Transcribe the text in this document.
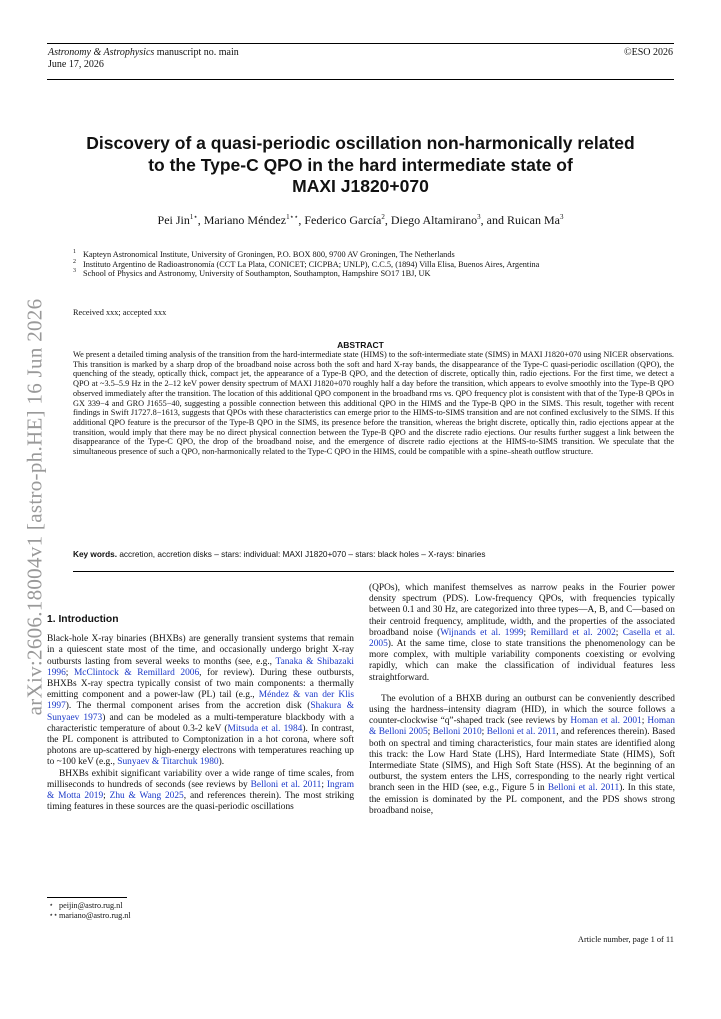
Astronomy & Astrophysics manuscript no. main
June 17, 2026
©ESO 2026
arXiv:2606.18004v1 [astro-ph.HE] 16 Jun 2026
Discovery of a quasi-periodic oscillation non-harmonically related
to the Type-C QPO in the hard intermediate state of
MAXI J1820+070
Pei Jin$^{1⋆}$, Mariano Méndez$^{1⋆⋆}$, Federico García$^2$, Diego Altamirano$^3$, and Ruican Ma$^3$
1 Kapteyn Astronomical Institute, University of Groningen, P.O. BOX 800, 9700 AV Groningen, The Netherlands
2 Instituto Argentino de Radioastronomía (CCT La Plata, CONICET; CICPBA; UNLP), C.C.5, (1894) Villa Elisa, Buenos Aires, Argentina
3 School of Physics and Astronomy, University of Southampton, Southampton, Hampshire SO17 1BJ, UK
Received xxx; accepted xxx
ABSTRACT
We present a detailed timing analysis of the transition from the hard-intermediate state (HIMS) to the soft-intermediate state (SIMS) in MAXI J1820+070 using NICER observations. This transition is marked by a sharp drop of the broadband noise across both the soft and hard X-ray bands, the disappearance of the Type-C quasi-periodic oscillation (QPO), the quenching of the steady, optically thick, compact jet, the appearance of a Type-B QPO, and the detection of discrete, optically thin, radio ejections. For the first time, we detect a QPO at ~3.5–5.9 Hz in the 2–12 keV power density spectrum of MAXI J1820+070 roughly half a day before the transition, which appears to evolve smoothly into the Type-B QPO observed immediately after the transition. The location of this additional QPO component in the broadband rms vs. QPO frequency plot is consistent with that of the Type-B QPOs in GX 339−4 and GRO J1655−40, suggesting a possible connection between this additional QPO in the HIMS and the Type-B QPO in the SIMS. This result, together with recent findings in Swift J1727.8−1613, suggests that QPOs with these characteristics can emerge prior to the HIMS-to-SIMS transition and are not confined exclusively to the SIMS. If this additional QPO feature is the precursor of the Type-B QPO in the SIMS, its presence before the transition, whereas the bright discrete, optically thin, radio ejections appear at the transition, would imply that there may be no direct physical connection between the Type-B QPO and the discrete radio ejections. Our results further suggest a link between the disappearance of the Type-C QPO, the drop of the broadband noise, and the emergence of discrete radio ejections at the HIMS-to-SIMS transition. We speculate that the simultaneous presence of such a QPO, non-harmonically related to the Type-C QPO in the HIMS, could be compatible with a spine–sheath outflow structure.
Key words. accretion, accretion disks – stars: individual: MAXI J1820+070 – stars: black holes – X-rays: binaries

1. Introduction

Black-hole X-ray binaries (BHXBs) are generally transient systems that remain in a quiescent state most of the time, and occasionally undergo bright X-ray outbursts lasting from several weeks to months (see, e.g., Tanaka & Shibazaki 1996; McClintock & Remillard 2006, for review). During these outbursts, BHXBs X-ray spectra typically consist of two main components: a thermally emitting component and a power-law (PL) tail (e.g., Méndez & van der Klis 1997). The thermal component arises from the accretion disk (Shakura & Sunyaev 1973) and can be modeled as a multi-temperature blackbody with a characteristic temperature of about 0.3-2 keV (Mitsuda et al. 1984). In contrast, the PL component is attributed to Comptonization in a hot corona, where soft photons are up-scattered by high-energy electrons with temperatures reaching up to ~100 keV (e.g., Sunyaev & Titarchuk 1980).

BHXBs exhibit significant variability over a wide range of time scales, from milliseconds to hundreds of seconds (see reviews by Belloni et al. 2011; Ingram & Motta 2019; Zhu & Wang 2025, and references therein). The most striking timing features in these sources are the quasi-periodic oscillations

(QPOs), which manifest themselves as narrow peaks in the Fourier power density spectrum (PDS). Low-frequency QPOs, with frequencies typically between 0.1 and 30 Hz, are categorized into three types—A, B, and C—based on their centroid frequency, amplitude, width, and the properties of the associated broadband noise (Wijnands et al. 1999; Remillard et al. 2002; Casella et al. 2005). At the same time, close to state transitions the phenomenology can be more complex, with multiple variability components coexisting or evolving rapidly, which can make the classification of individual features less straightforward.

The evolution of a BHXB during an outburst can be conveniently described using the hardness–intensity diagram (HID), in which the source follows a counter-clockwise “q”-shaped track (see reviews by Homan et al. 2001; Homan & Belloni 2005; Belloni 2010; Belloni et al. 2011, and references therein). Based both on spectral and timing characteristics, four main states are identified along this track: the Low Hard State (LHS), Hard Intermediate State (HIMS), Soft Intermediate State (SIMS), and High Soft State (HSS). At the beginning of an outburst, the system enters the LHS, corresponding to the nearly right vertical branch seen in the HID (see, e.g., Figure 5 in Belloni et al. 2011). In this state, the emission is dominated by the PL component, and the PDS shows strong broadband noise,

⋆ peijin@astro.rug.nl
⋆⋆ mariano@astro.rug.nl
Article number, page 1 of 11
